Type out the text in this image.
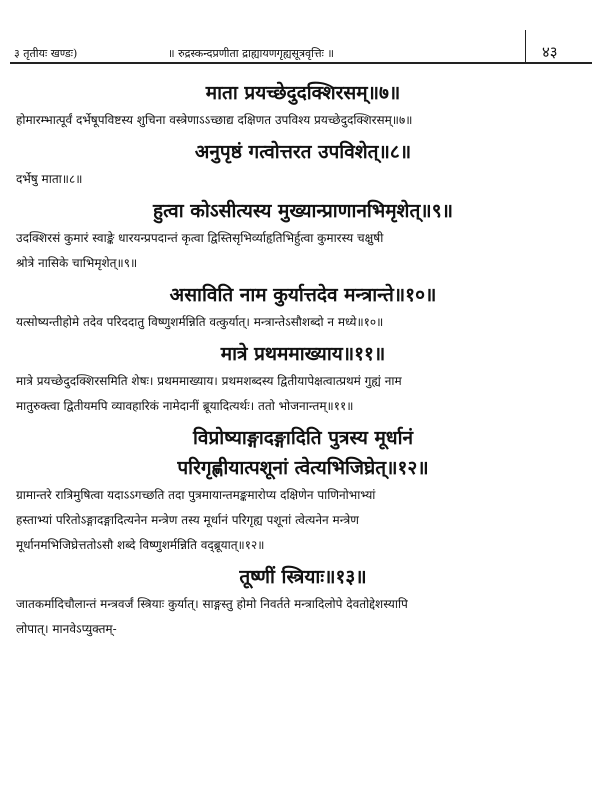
३ तृतीयः खण्डः)	॥ रुद्रस्कन्दप्रणीता द्राह्यायणगृह्यसूत्रवृत्तिः ॥	४३

माता प्रयच्छेदुदक्शिरसम्॥७॥

होमारम्भात्पूर्वं दर्भेषूपविष्टस्य शुचिना वस्त्रेणाऽऽच्छाद्य दक्षिणत उपविश्य प्रयच्छेदुदक्शिरसम्॥७॥

अनुपृष्ठं गत्वोत्तरत उपविशेत्॥८॥

दर्भेषु माता॥८॥

हुत्वा कोऽसीत्यस्य मुख्यान्प्राणानभिमृशेत्॥९॥

उदक्शिरसं कुमारं स्वाङ्के धारयन्प्रपदान्तं कृत्वा द्विस्तिसृभिर्व्याहृतिभिर्हुत्वा कुमारस्य चक्षुषी

श्रोत्रे नासिके चाभिमृशेत्॥९॥

असाविति नाम कुर्यात्तदेव मन्त्रान्ते॥१०॥

यत्सोष्यन्तीहोमे तदेव परिददातु विष्णुशर्मन्निति वत्कुर्यात्। मन्त्रान्तेऽसौशब्दो न मध्ये॥१०॥

मात्रे प्रथममाख्याय॥११॥

मात्रे प्रयच्छेदुदक्शिरसमिति शेषः। प्रथममाख्याय। प्रथमशब्दस्य द्वितीयापेक्षत्वात्प्रथमं गुह्यं नाम

मातुरुक्त्वा द्वितीयमपि व्यावहारिकं नामेदानीं ब्रूयादित्यर्थः। ततो भोजनान्तम्॥११॥

विप्रोष्याङ्गादङ्गादिति पुत्रस्य मूर्धानं

परिगृह्णीयात्पशूनां त्वेत्यभिजिघ्रेत्॥१२॥

ग्रामान्तरे रात्रिमुषित्वा यदाऽऽगच्छति तदा पुत्रमायान्तमङ्कमारोप्य दक्षिणेन पाणिनोभाभ्यां

हस्ताभ्यां परितोऽङ्गादङ्गादित्यनेन मन्त्रेण तस्य मूर्धानं परिगृह्य पशूनां त्वेत्यनेन मन्त्रेण

मूर्धानमभिजिघ्रेत्ततोऽसौ शब्दे विष्णुशर्मन्निति वद्ब्रूयात्॥१२॥

तूष्णीं स्त्रियाः॥१३॥

जातकर्मादिचौलान्तं मन्त्रवर्जं स्त्रियाः कुर्यात्। साङ्गस्तु होमो निवर्तते मन्त्रादिलोपे देवतोद्देशस्यापि

लोपात्। मानवेऽप्युक्तम्-
